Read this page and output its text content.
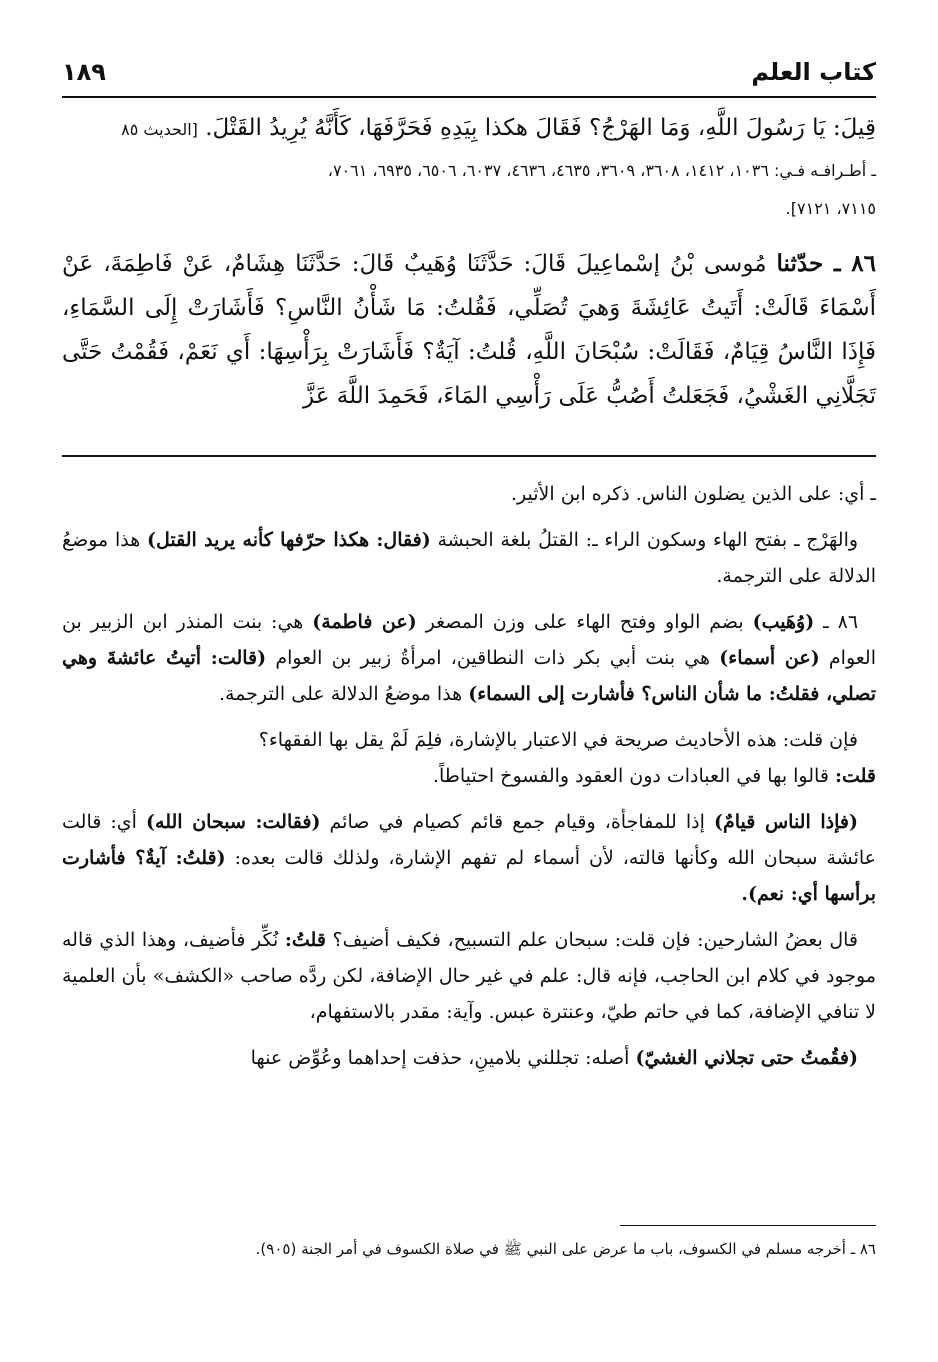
كتاب العلم
١٨٩

قِيلَ: يَا رَسُولَ اللَّهِ، وَمَا الهَرْجُ؟ فَقَالَ هكذا بِيَدِهِ فَحَرَّفَهَا، كَأَنَّهُ يُرِيدُ القَتْلَ. [الحديث ٨٥

ـ أطـرافـه فـي: ١٠٣٦، ١٤١٢، ٣٦٠٨، ٣٦٠٩، ٤٦٣٥، ٤٦٣٦، ٦٠٣٧، ٦٥٠٦، ٦٩٣٥، ٧٠٦١،

٧١١٥، ٧١٢١].

٨٦ ـ حدّثنا مُوسى بْنُ إسْماعِيلَ قَالَ: حَدَّثَنَا وُهَيبٌ قَالَ: حَدَّثَنَا هِشَامٌ، عَنْ فَاطِمَةَ، عَنْ أَسْمَاءَ قَالَتْ: أَتَيتُ عَائِشَةَ وَهيَ تُصَلِّي، فَقُلتُ: مَا شَأْنُ النَّاسِ؟ فَأَشَارَتْ إِلَى السَّمَاءِ، فَإِذَا النَّاسُ قِيَامٌ، فَقَالَتْ: سُبْحَانَ اللَّهِ، قُلتُ: آيَةٌ؟ فَأَشَارَتْ بِرَأْسِهَا: أَي نَعَمْ، فَقُمْتُ حَتَّى تَجَلَّانِي الغَشْيُ، فَجَعَلتُ أَصُبُّ عَلَى رَأْسِي المَاءَ، فَحَمِدَ اللَّهَ عَزَّ

ـ أي: على الذين يضلون الناس. ذكره ابن الأثير.

والهَرْج ـ بفتح الهاء وسكون الراء ـ: القتلُ بلغة الحبشة (فقال: هكذا حرّفها كأنه يريد القتل) هذا موضعُ الدلالة على الترجمة.

٨٦ ـ (وُهَيب) بضم الواو وفتح الهاء على وزن المصغر (عن فاطمة) هي: بنت المنذر ابن الزبير بن العوام (عن أسماء) هي بنت أبي بكر ذات النطاقين، امرأةُ زبير بن العوام (قالت: أتيتُ عائشةَ وهي تصلي، فقلتُ: ما شأن الناس؟ فأشارت إلى السماء) هذا موضعُ الدلالة على الترجمة.

فإن قلت: هذه الأحاديث صريحة في الاعتبار بالإشارة، فلِمَ لَمْ يقل بها الفقهاء؟
قلت: قالوا بها في العبادات دون العقود والفسوخ احتياطاً.

(فإذا الناس قيامٌ) إذا للمفاجأة، وقيام جمع قائم كصيام في صائم (فقالت: سبحان الله) أي: قالت عائشة سبحان الله وكأنها قالته، لأن أسماء لم تفهم الإشارة، ولذلك قالت بعده: (قلتُ: آيةٌ؟ فأشارت برأسها أي: نعم).

قال بعضُ الشارحين: فإن قلت: سبحان علم التسبيح، فكيف أضيف؟ قلتُ: نُكِّر فأضيف، وهذا الذي قاله موجود في كلام ابن الحاجب، فإنه قال: علم في غير حال الإضافة، لكن ردَّه صاحب «الكشف» بأن العلمية لا تنافي الإضافة، كما في حاتم طيّ، وعنترة عبس. وآية: مقدر بالاستفهام،

(فقُمتُ حتى تجلاني الغشيّ) أصله: تجللني بلامينِ، حذفت إحداهما وعُوِّض عنها

٨٦ ـ أخرجه مسلم في الكسوف، باب ما عرض على النبي ﷺ في صلاة الكسوف في أمر الجنة (٩٠٥).
